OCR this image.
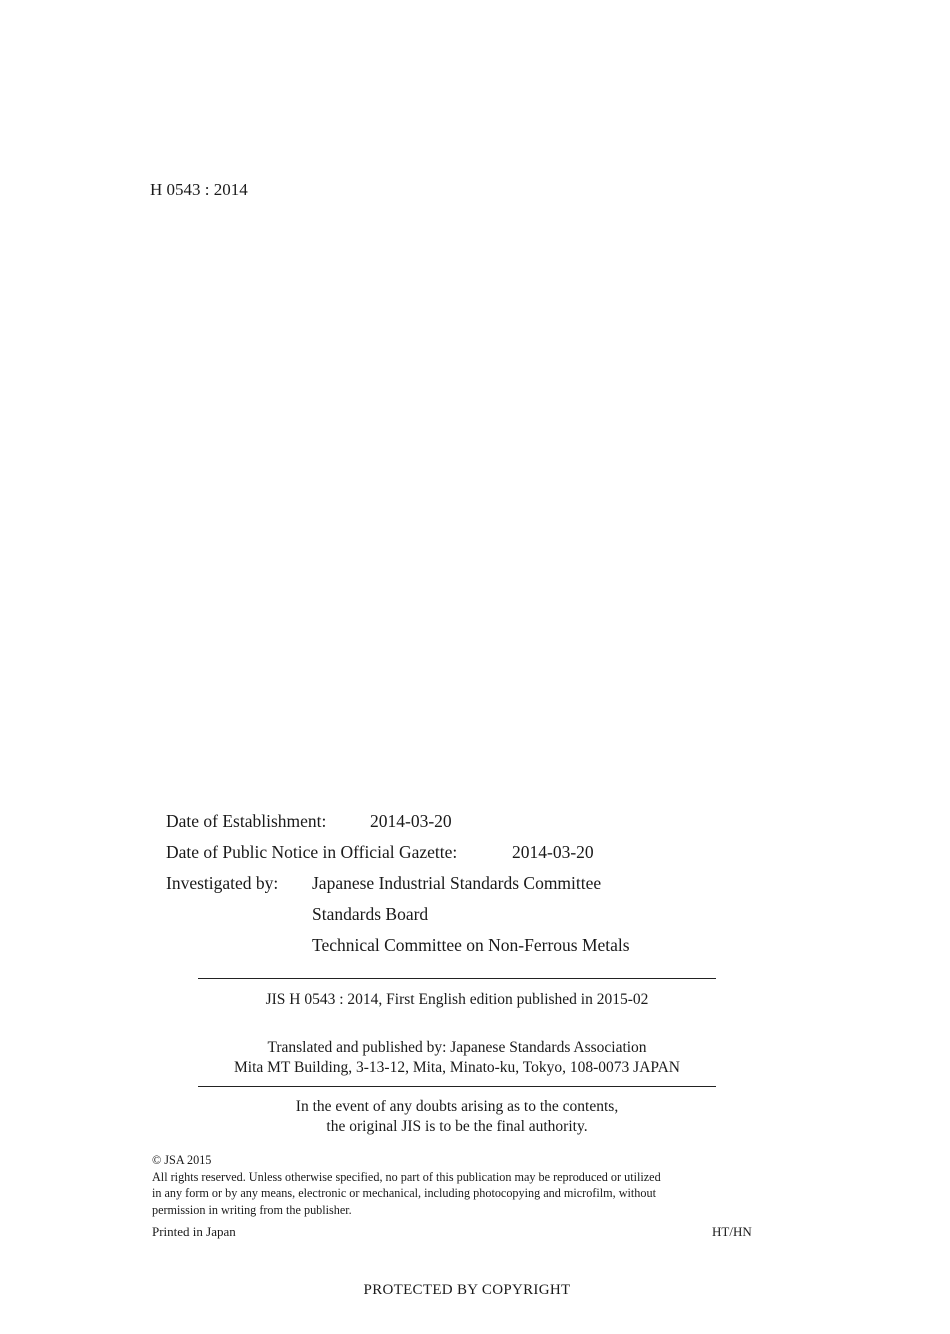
H 0543 : 2014
Date of Establishment: 2014-03-20
Date of Public Notice in Official Gazette:	2014-03-20
Investigated by: Japanese Industrial Standards Committee
Standards Board
Technical Committee on Non-Ferrous Metals
JIS H 0543 : 2014, First English edition published in 2015-02
Translated and published by: Japanese Standards Association
Mita MT Building, 3-13-12, Mita, Minato-ku, Tokyo, 108-0073 JAPAN
In the event of any doubts arising as to the contents,
the original JIS is to be the final authority.
© JSA 2015
All rights reserved. Unless otherwise specified, no part of this publication may be reproduced or utilized
in any form or by any means, electronic or mechanical, including photocopying and microfilm, without
permission in writing from the publisher.
Printed in Japan	HT/HN
PROTECTED BY COPYRIGHT
